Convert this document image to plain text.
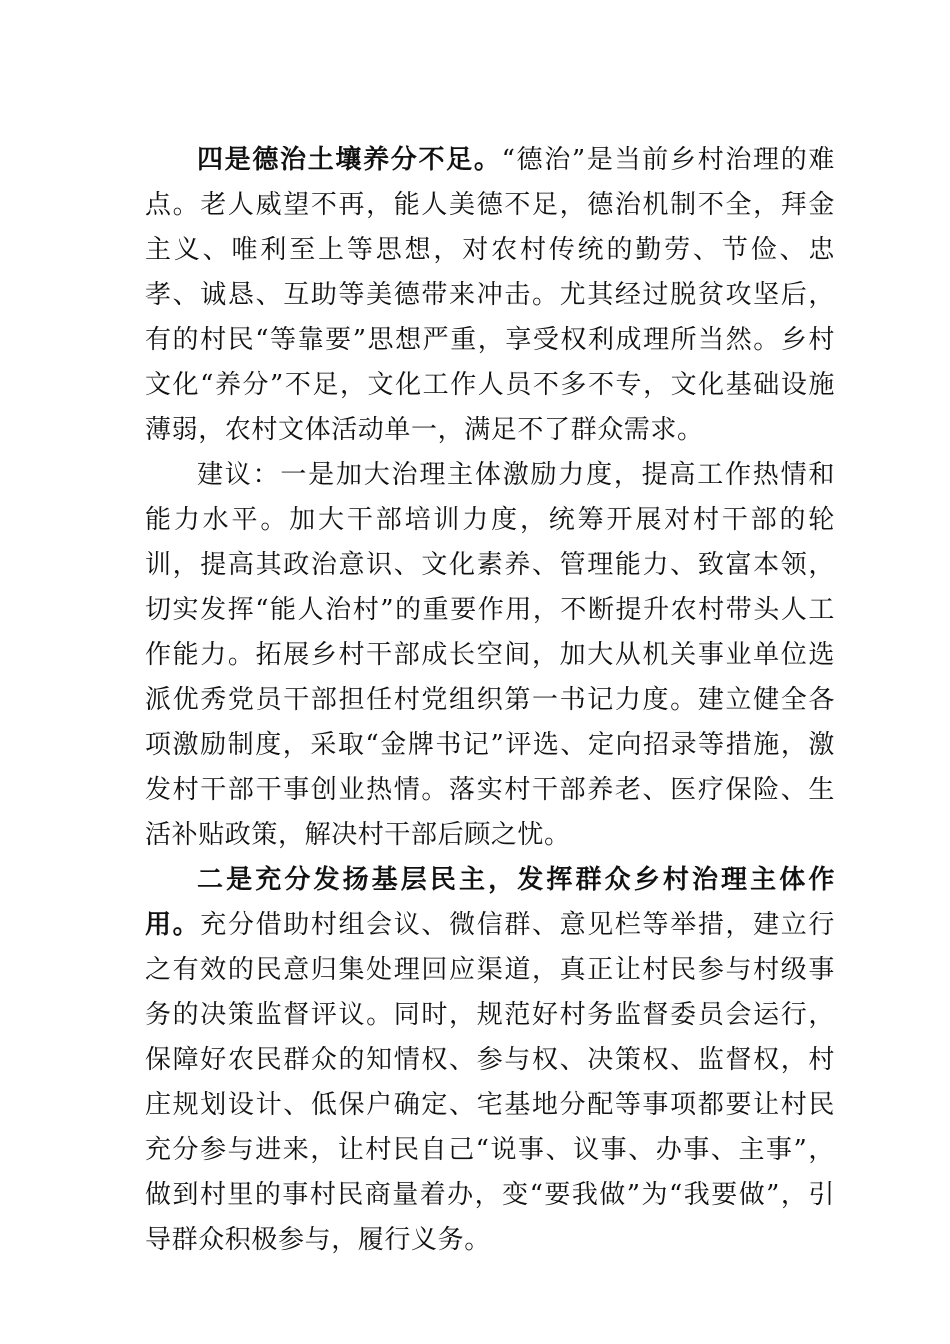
四是德治土壤养分不足。“德治”是当前乡村治理的难点。老人威望不再，能人美德不足，德治机制不全，拜金主义、唯利至上等思想，对农村传统的勤劳、节俭、忠孝、诚恳、互助等美德带来冲击。尤其经过脱贫攻坚后，有的村民“等靠要”思想严重，享受权利成理所当然。乡村文化“养分”不足，文化工作人员不多不专，文化基础设施薄弱，农村文体活动单一，满足不了群众需求。

建议：一是加大治理主体激励力度，提高工作热情和能力水平。加大干部培训力度，统筹开展对村干部的轮训，提高其政治意识、文化素养、管理能力、致富本领，切实发挥“能人治村”的重要作用，不断提升农村带头人工作能力。拓展乡村干部成长空间，加大从机关事业单位选派优秀党员干部担任村党组织第一书记力度。建立健全各项激励制度，采取“金牌书记”评选、定向招录等措施，激发村干部干事创业热情。落实村干部养老、医疗保险、生活补贴政策，解决村干部后顾之忧。

二是充分发扬基层民主，发挥群众乡村治理主体作用。充分借助村组会议、微信群、意见栏等举措，建立行之有效的民意归集处理回应渠道，真正让村民参与村级事务的决策监督评议。同时，规范好村务监督委员会运行，保障好农民群众的知情权、参与权、决策权、监督权，村庄规划设计、低保户确定、宅基地分配等事项都要让村民充分参与进来，让村民自己“说事、议事、办事、主事”，做到村里的事村民商量着办，变“要我做”为“我要做”，引导群众积极参与，履行义务。
